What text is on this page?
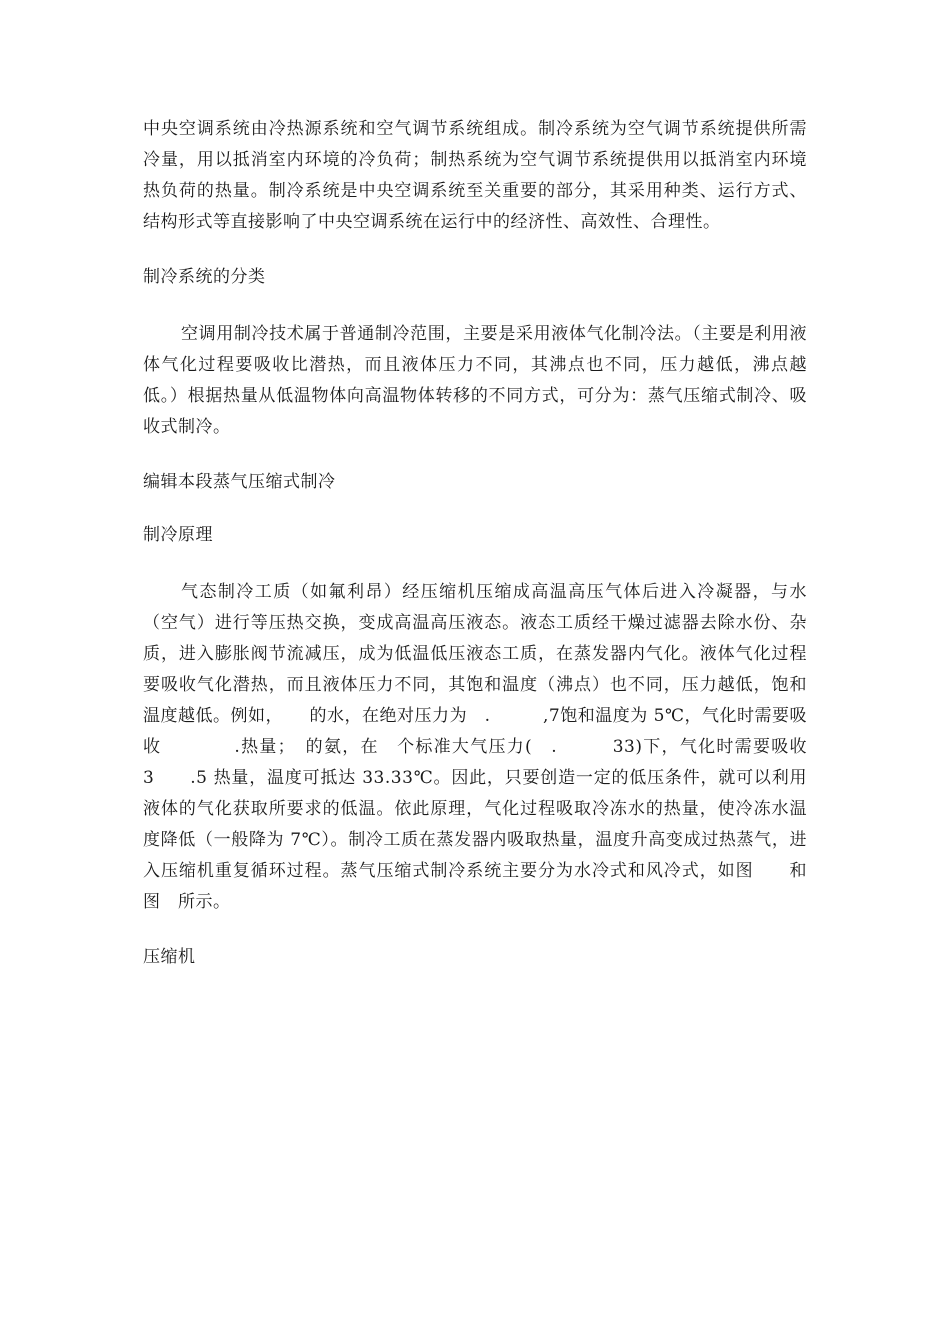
中央空调系统由冷热源系统和空气调节系统组成。制冷系统为空气调节系统提供所需冷量，用以抵消室内环境的冷负荷；制热系统为空气调节系统提供用以抵消室内环境热负荷的热量。制冷系统是中央空调系统至关重要的部分，其采用种类、运行方式、结构形式等直接影响了中央空调系统在运行中的经济性、高效性、合理性。

制冷系统的分类

空调用制冷技术属于普通制冷范围，主要是采用液体气化制冷法。（主要是利用液体气化过程要吸收比潜热，而且液体压力不同，其沸点也不同，压力越低，沸点越低。）根据热量从低温物体向高温物体转移的不同方式，可分为：蒸气压缩式制冷、吸收式制冷。

编辑本段蒸气压缩式制冷

制冷原理

气态制冷工质（如氟利昂）经压缩机压缩成高温高压气体后进入冷凝器，与水（空气）进行等压热交换，变成高温高压液态。液态工质经干燥过滤器去除水份、杂质，进入膨胀阀节流减压，成为低温低压液态工质，在蒸发器内气化。液体气化过程要吸收气化潜热，而且液体压力不同，其饱和温度（沸点）也不同，压力越低，饱和温度越低。例如，　　的水，在绝对压力为　.　　　,7饱和温度为 5℃，气化时需要吸收　　　　.热量；　的氨，在　个标准大气压力(　.　　　33)下，气化时需要吸收　3　　.5 热量，温度可抵达 33.33℃。因此，只要创造一定的低压条件，就可以利用液体的气化获取所要求的低温。依此原理，气化过程吸取冷冻水的热量，使冷冻水温度降低（一般降为 7℃）。制冷工质在蒸发器内吸取热量，温度升高变成过热蒸气，进入压缩机重复循环过程。蒸气压缩式制冷系统主要分为水冷式和风冷式，如图　　和图　所示。

压缩机
